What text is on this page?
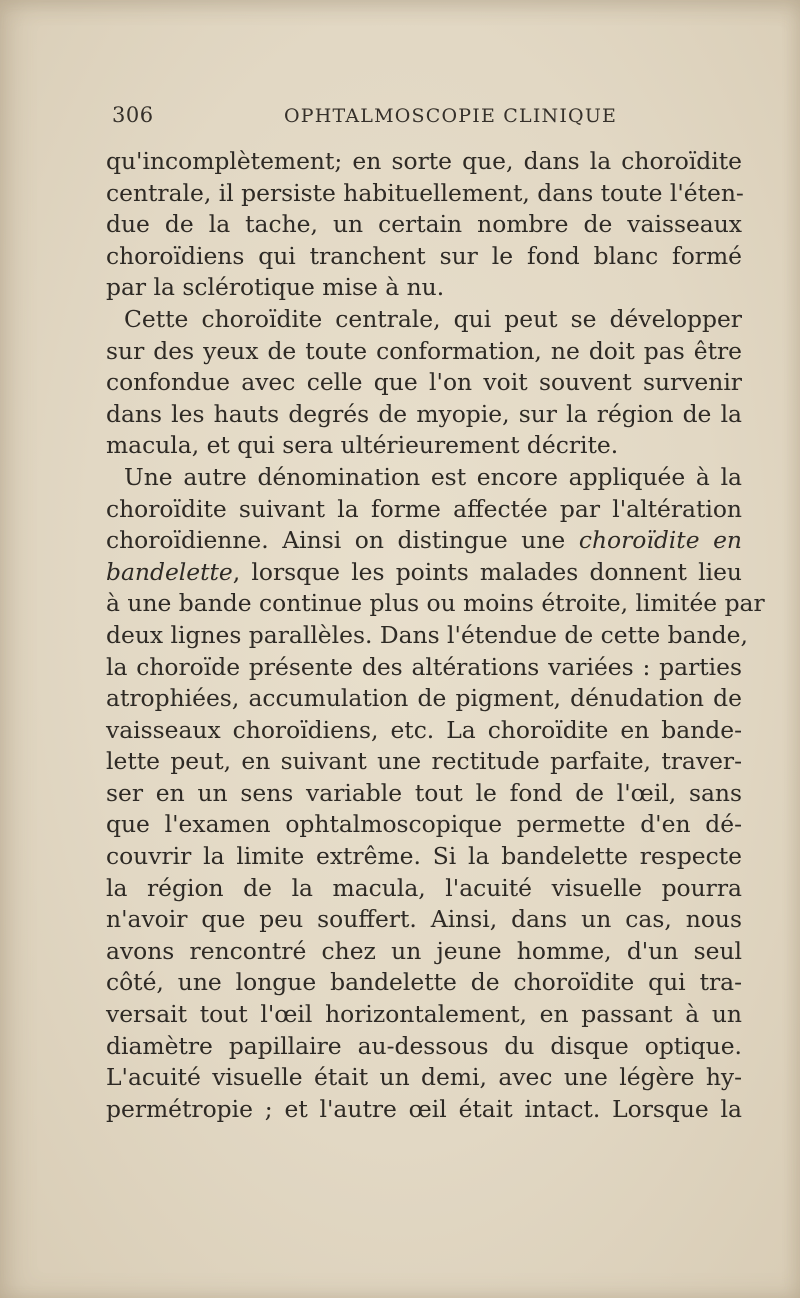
306	OPHTALMOSCOPIE CLINIQUE
qu'incomplètement; en sorte que, dans la choroïdite
centrale, il persiste habituellement, dans toute l'éten-
due de la tache, un certain nombre de vaisseaux
choroïdiens qui tranchent sur le fond blanc formé
par la sclérotique mise à nu.
Cette choroïdite centrale, qui peut se développer
sur des yeux de toute conformation, ne doit pas être
confondue avec celle que l'on voit souvent survenir
dans les hauts degrés de myopie, sur la région de la
macula, et qui sera ultérieurement décrite.
Une autre dénomination est encore appliquée à la
choroïdite suivant la forme affectée par l'altération
choroïdienne. Ainsi on distingue une choroïdite en
bandelette, lorsque les points malades donnent lieu
à une bande continue plus ou moins étroite, limitée par
deux lignes parallèles. Dans l'étendue de cette bande,
la choroïde présente des altérations variées : parties
atrophiées, accumulation de pigment, dénudation de
vaisseaux choroïdiens, etc. La choroïdite en bande-
lette peut, en suivant une rectitude parfaite, traver-
ser en un sens variable tout le fond de l'œil, sans
que l'examen ophtalmoscopique permette d'en dé-
couvrir la limite extrême. Si la bandelette respecte
la région de la macula, l'acuité visuelle pourra
n'avoir que peu souffert. Ainsi, dans un cas, nous
avons rencontré chez un jeune homme, d'un seul
côté, une longue bandelette de choroïdite qui tra-
versait tout l'œil horizontalement, en passant à un
diamètre papillaire au-dessous du disque optique.
L'acuité visuelle était un demi, avec une légère hy-
permétropie ; et l'autre œil était intact. Lorsque la
